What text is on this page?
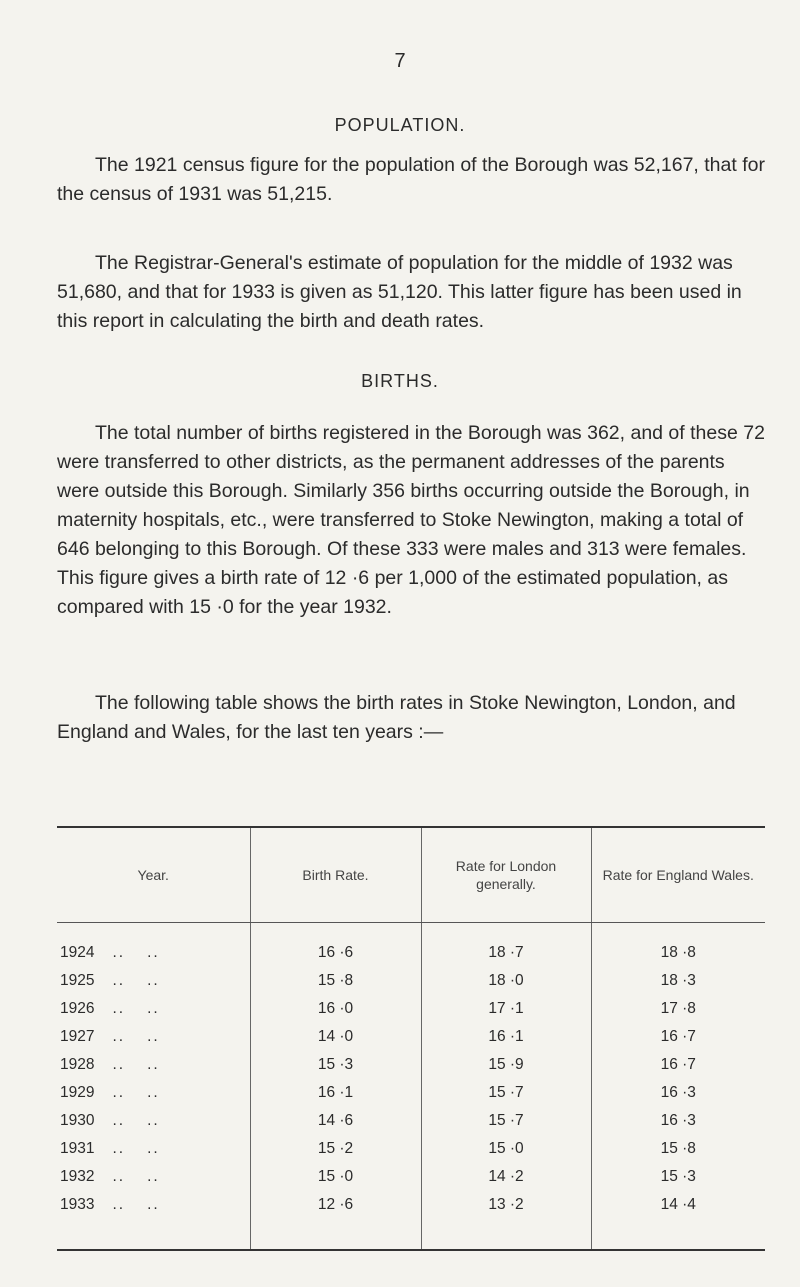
7
POPULATION.

The 1921 census figure for the population of the Borough was 52,167, that for the census of 1931 was 51,215.

The Registrar-General's estimate of population for the middle of 1932 was 51,680, and that for 1933 is given as 51,120. This latter figure has been used in this report in calculating the birth and death rates.

BIRTHS.

The total number of births registered in the Borough was 362, and of these 72 were transferred to other districts, as the permanent addresses of the parents were outside this Borough. Similarly 356 births occurring outside the Borough, in maternity hospitals, etc., were transferred to Stoke Newington, making a total of 646 belonging to this Borough. Of these 333 were males and 313 were females. This figure gives a birth rate of 12 ·6 per 1,000 of the estimated population, as compared with 15 ·0 for the year 1932.

The following table shows the birth rates in Stoke Newington, London, and England and Wales, for the last ten years :—

Year.	Birth Rate.	Rate for London generally.	Rate for England Wales.
1924 .. ..	16 ·6	18 ·7	18 ·8
1925 .. ..	15 ·8	18 ·0	18 ·3
1926 .. ..	16 ·0	17 ·1	17 ·8
1927 .. ..	14 ·0	16 ·1	16 ·7
1928 .. ..	15 ·3	15 ·9	16 ·7
1929 .. ..	16 ·1	15 ·7	16 ·3
1930 .. ..	14 ·6	15 ·7	16 ·3
1931 .. ..	15 ·2	15 ·0	15 ·8
1932 .. ..	15 ·0	14 ·2	15 ·3
1933 .. ..	12 ·6	13 ·2	14 ·4
